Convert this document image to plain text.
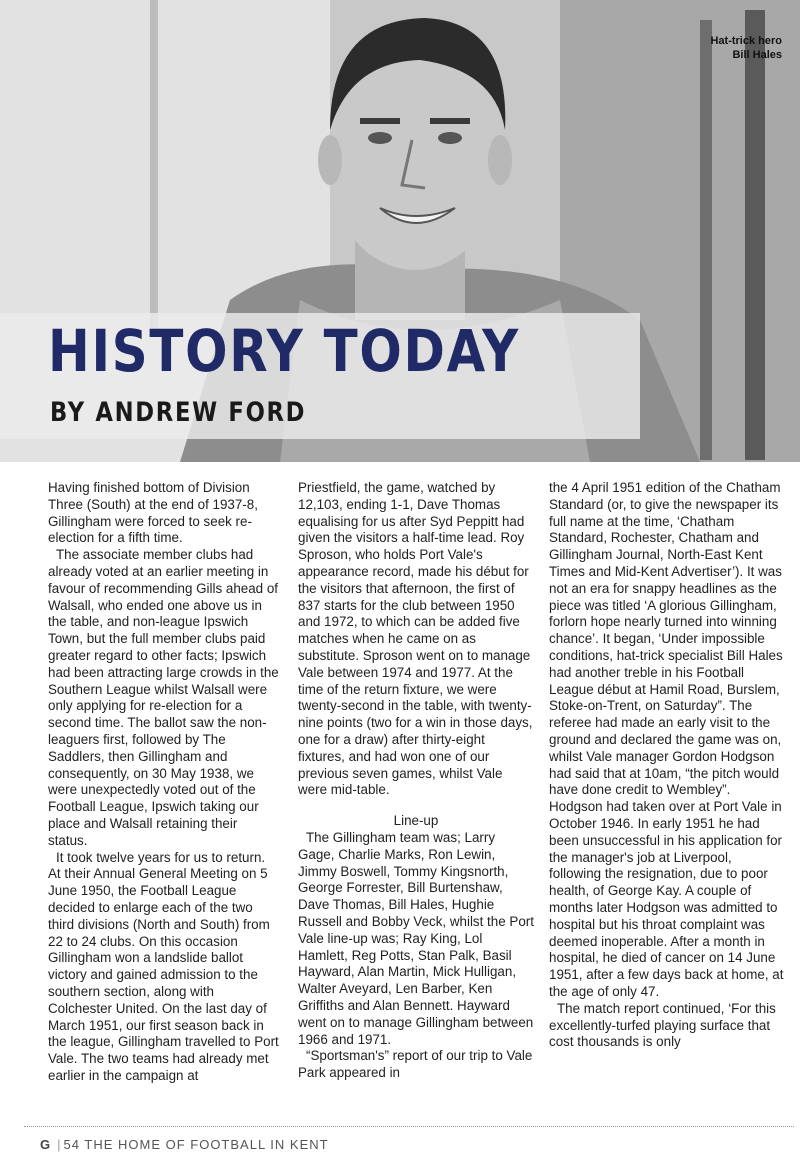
Hat-trick hero
Bill Hales
HISTORY TODAY
BY ANDREW FORD

Having finished bottom of Division Three (South) at the end of 1937-8, Gillingham were forced to seek re-election for a fifth time.

The associate member clubs had already voted at an earlier meeting in favour of recommending Gills ahead of Walsall, who ended one above us in the table, and non-league Ipswich Town, but the full member clubs paid greater regard to other facts; Ipswich had been attracting large crowds in the Southern League whilst Walsall were only applying for re-election for a second time. The ballot saw the non-leaguers first, followed by The Saddlers, then Gillingham and consequently, on 30 May 1938, we were unexpectedly voted out of the Football League, Ipswich taking our place and Walsall retaining their status.

It took twelve years for us to return. At their Annual General Meeting on 5 June 1950, the Football League decided to enlarge each of the two third divisions (North and South) from 22 to 24 clubs. On this occasion Gillingham won a landslide ballot victory and gained admission to the southern section, along with Colchester United. On the last day of March 1951, our first season back in the league, Gillingham travelled to Port Vale. The two teams had already met earlier in the campaign at

Priestfield, the game, watched by 12,103, ending 1-1, Dave Thomas equalising for us after Syd Peppitt had given the visitors a half-time lead. Roy Sproson, who holds Port Vale's appearance record, made his début for the visitors that afternoon, the first of 837 starts for the club between 1950 and 1972, to which can be added five matches when he came on as substitute. Sproson went on to manage Vale between 1974 and 1977. At the time of the return fixture, we were twenty-second in the table, with twenty-nine points (two for a win in those days, one for a draw) after thirty-eight fixtures, and had won one of our previous seven games, whilst Vale were mid-table.

Line-up

The Gillingham team was; Larry Gage, Charlie Marks, Ron Lewin, Jimmy Boswell, Tommy Kingsnorth, George Forrester, Bill Burtenshaw, Dave Thomas, Bill Hales, Hughie Russell and Bobby Veck, whilst the Port Vale line-up was; Ray King, Lol Hamlett, Reg Potts, Stan Palk, Basil Hayward, Alan Martin, Mick Hulligan, Walter Aveyard, Len Barber, Ken Griffiths and Alan Bennett. Hayward went on to manage Gillingham between 1966 and 1971.

“Sportsman's” report of our trip to Vale Park appeared in

the 4 April 1951 edition of the Chatham Standard (or, to give the newspaper its full name at the time, ‘Chatham Standard, Rochester, Chatham and Gillingham Journal, North-East Kent Times and Mid-Kent Advertiser’). It was not an era for snappy headlines as the piece was titled ‘A glorious Gillingham, forlorn hope nearly turned into winning chance’. It began, ‘Under impossible conditions, hat-trick specialist Bill Hales had another treble in his Football League début at Hamil Road, Burslem, Stoke-on-Trent, on Saturday”. The referee had made an early visit to the ground and declared the game was on, whilst Vale manager Gordon Hodgson had said that at 10am, “the pitch would have done credit to Wembley”. Hodgson had taken over at Port Vale in October 1946. In early 1951 he had been unsuccessful in his application for the manager's job at Liverpool, following the resignation, due to poor health, of George Kay. A couple of months later Hodgson was admitted to hospital but his throat complaint was deemed inoperable. After a month in hospital, he died of cancer on 14 June 1951, after a few days back at home, at the age of only 47.

The match report continued, ‘For this excellently-turfed playing surface that cost thousands is only

G | 54 THE HOME OF FOOTBALL IN KENT
